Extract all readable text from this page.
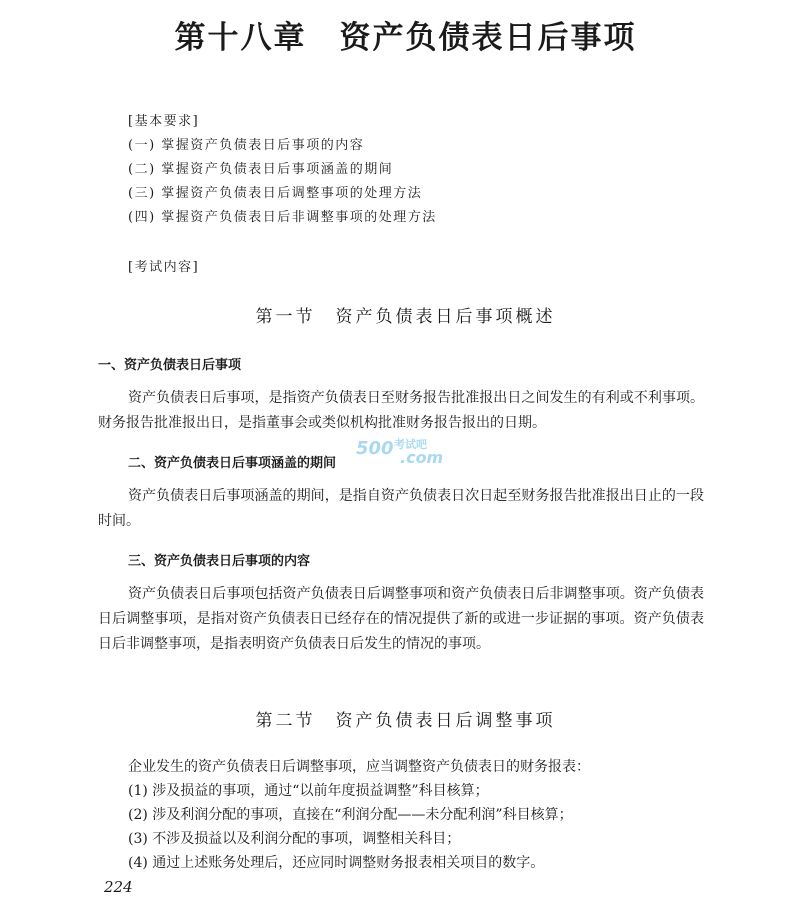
第十八章　资产负债表日后事项
[基本要求]
(一) 掌握资产负债表日后事项的内容
(二) 掌握资产负债表日后事项涵盖的期间
(三) 掌握资产负债表日后调整事项的处理方法
(四) 掌握资产负债表日后非调整事项的处理方法
[考试内容]
第一节　资产负债表日后事项概述
一、资产负债表日后事项
资产负债表日后事项，是指资产负债表日至财务报告批准报出日之间发生的有利或不利事项。财务报告批准报出日，是指董事会或类似机构批准财务报告报出的日期。
二、资产负债表日后事项涵盖的期间
资产负债表日后事项涵盖的期间，是指自资产负债表日次日起至财务报告批准报出日止的一段时间。
三、资产负债表日后事项的内容
资产负债表日后事项包括资产负债表日后调整事项和资产负债表日后非调整事项。资产负债表日后调整事项，是指对资产负债表日已经存在的情况提供了新的或进一步证据的事项。资产负债表日后非调整事项，是指表明资产负债表日后发生的情况的事项。
第二节　资产负债表日后调整事项
企业发生的资产负债表日后调整事项，应当调整资产负债表日的财务报表：
(1) 涉及损益的事项，通过“以前年度损益调整”科目核算；
(2) 涉及利润分配的事项，直接在“利润分配——未分配利润”科目核算；
(3) 不涉及损益以及利润分配的事项，调整相关科目；
(4) 通过上述账务处理后，还应同时调整财务报表相关项目的数字。
224
500 考试吧
.com
